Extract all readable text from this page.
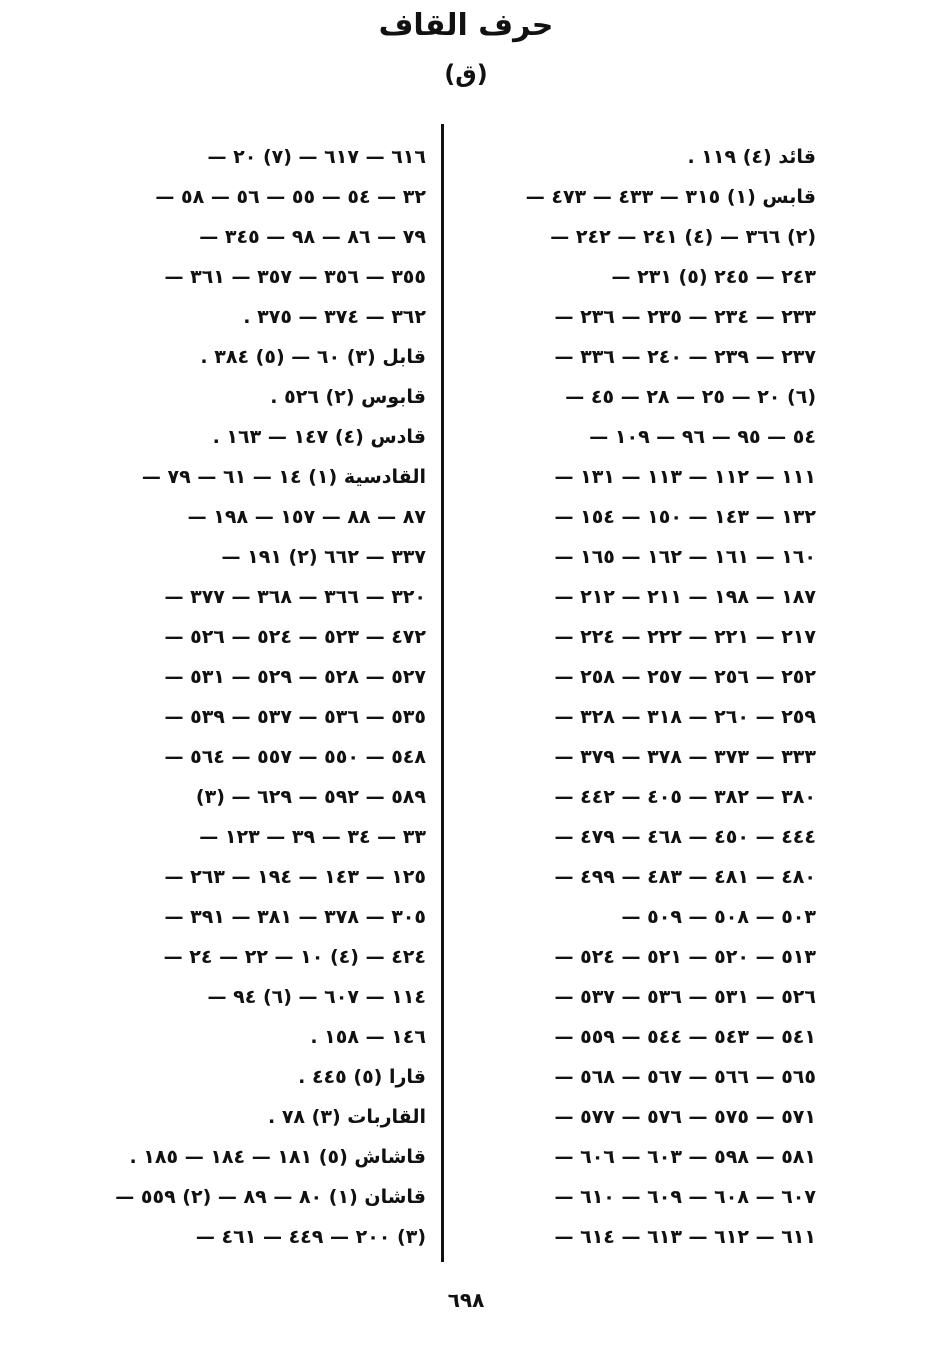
حرف القاف
(ق)
قائد (٤) ١١٩ .
قابس (١) ٣١٥ — ٤٣٣ — ٤٧٣ —
(٢) ٣٦٦ — (٤) ٢٤١ — ٢٤٢ —
٢٤٣ — ٢٤٥ (٥) ٢٣١ —
٢٣٣ — ٢٣٤ — ٢٣٥ — ٢٣٦ —
٢٣٧ — ٢٣٩ — ٢٤٠ — ٣٣٦ —
(٦) ٢٠ — ٢٥ — ٢٨ — ٤٥ —
٥٤ — ٩٥ — ٩٦ — ١٠٩ —
١١١ — ١١٢ — ١١٣ — ١٣١ —
١٣٢ — ١٤٣ — ١٥٠ — ١٥٤ —
١٦٠ — ١٦١ — ١٦٢ — ١٦٥ —
١٨٧ — ١٩٨ — ٢١١ — ٢١٢ —
٢١٧ — ٢٢١ — ٢٢٢ — ٢٢٤ —
٢٥٢ — ٢٥٦ — ٢٥٧ — ٢٥٨ —
٢٥٩ — ٢٦٠ — ٣١٨ — ٣٢٨ —
٣٣٣ — ٣٧٣ — ٣٧٨ — ٣٧٩ —
٣٨٠ — ٣٨٢ — ٤٠٥ — ٤٤٢ —
٤٤٤ — ٤٥٠ — ٤٦٨ — ٤٧٩ —
٤٨٠ — ٤٨١ — ٤٨٣ — ٤٩٩ —
٥٠٣ — ٥٠٨ — ٥٠٩ —
٥١٣ — ٥٢٠ — ٥٢١ — ٥٢٤ —
٥٢٦ — ٥٣١ — ٥٣٦ — ٥٣٧ —
٥٤١ — ٥٤٣ — ٥٤٤ — ٥٥٩ —
٥٦٥ — ٥٦٦ — ٥٦٧ — ٥٦٨ —
٥٧١ — ٥٧٥ — ٥٧٦ — ٥٧٧ —
٥٨١ — ٥٩٨ — ٦٠٣ — ٦٠٦ —
٦٠٧ — ٦٠٨ — ٦٠٩ — ٦١٠ —
٦١١ — ٦١٢ — ٦١٣ — ٦١٤ —
٦١٦ — ٦١٧ — (٧) ٢٠ —
٣٢ — ٥٤ — ٥٥ — ٥٦ — ٥٨ —
٧٩ — ٨٦ — ٩٨ — ٣٤٥ —
٣٥٥ — ٣٥٦ — ٣٥٧ — ٣٦١ —
٣٦٢ — ٣٧٤ — ٣٧٥ .
قابل (٣) ٦٠ — (٥) ٣٨٤ .
قابوس (٢) ٥٢٦ .
قادس (٤) ١٤٧ — ١٦٣ .
القادسية (١) ١٤ — ٦١ — ٧٩ —
٨٧ — ٨٨ — ١٥٧ — ١٩٨ —
٣٣٧ — ٦٦٢ (٢) ١٩١ —
٣٢٠ — ٣٦٦ — ٣٦٨ — ٣٧٧ —
٤٧٢ — ٥٢٣ — ٥٢٤ — ٥٢٦ —
٥٢٧ — ٥٢٨ — ٥٢٩ — ٥٣١ —
٥٣٥ — ٥٣٦ — ٥٣٧ — ٥٣٩ —
٥٤٨ — ٥٥٠ — ٥٥٧ — ٥٦٤ —
٥٨٩ — ٥٩٢ — ٦٢٩ — (٣)
٣٣ — ٣٤ — ٣٩ — ١٢٣ —
١٢٥ — ١٤٣ — ١٩٤ — ٢٦٣ —
٣٠٥ — ٣٧٨ — ٣٨١ — ٣٩١ —
٤٢٤ — (٤) ١٠ — ٢٢ — ٢٤ —
١١٤ — ٦٠٧ — (٦) ٩٤ —
١٤٦ — ١٥٨ .
قارا (٥) ٤٤٥ .
القاربات (٣) ٧٨ .
قاشاش (٥) ١٨١ — ١٨٤ — ١٨٥ .
قاشان (١) ٨٠ — ٨٩ — (٢) ٥٥٩ —
(٣) ٢٠٠ — ٤٤٩ — ٤٦١ —
٦٩٨
